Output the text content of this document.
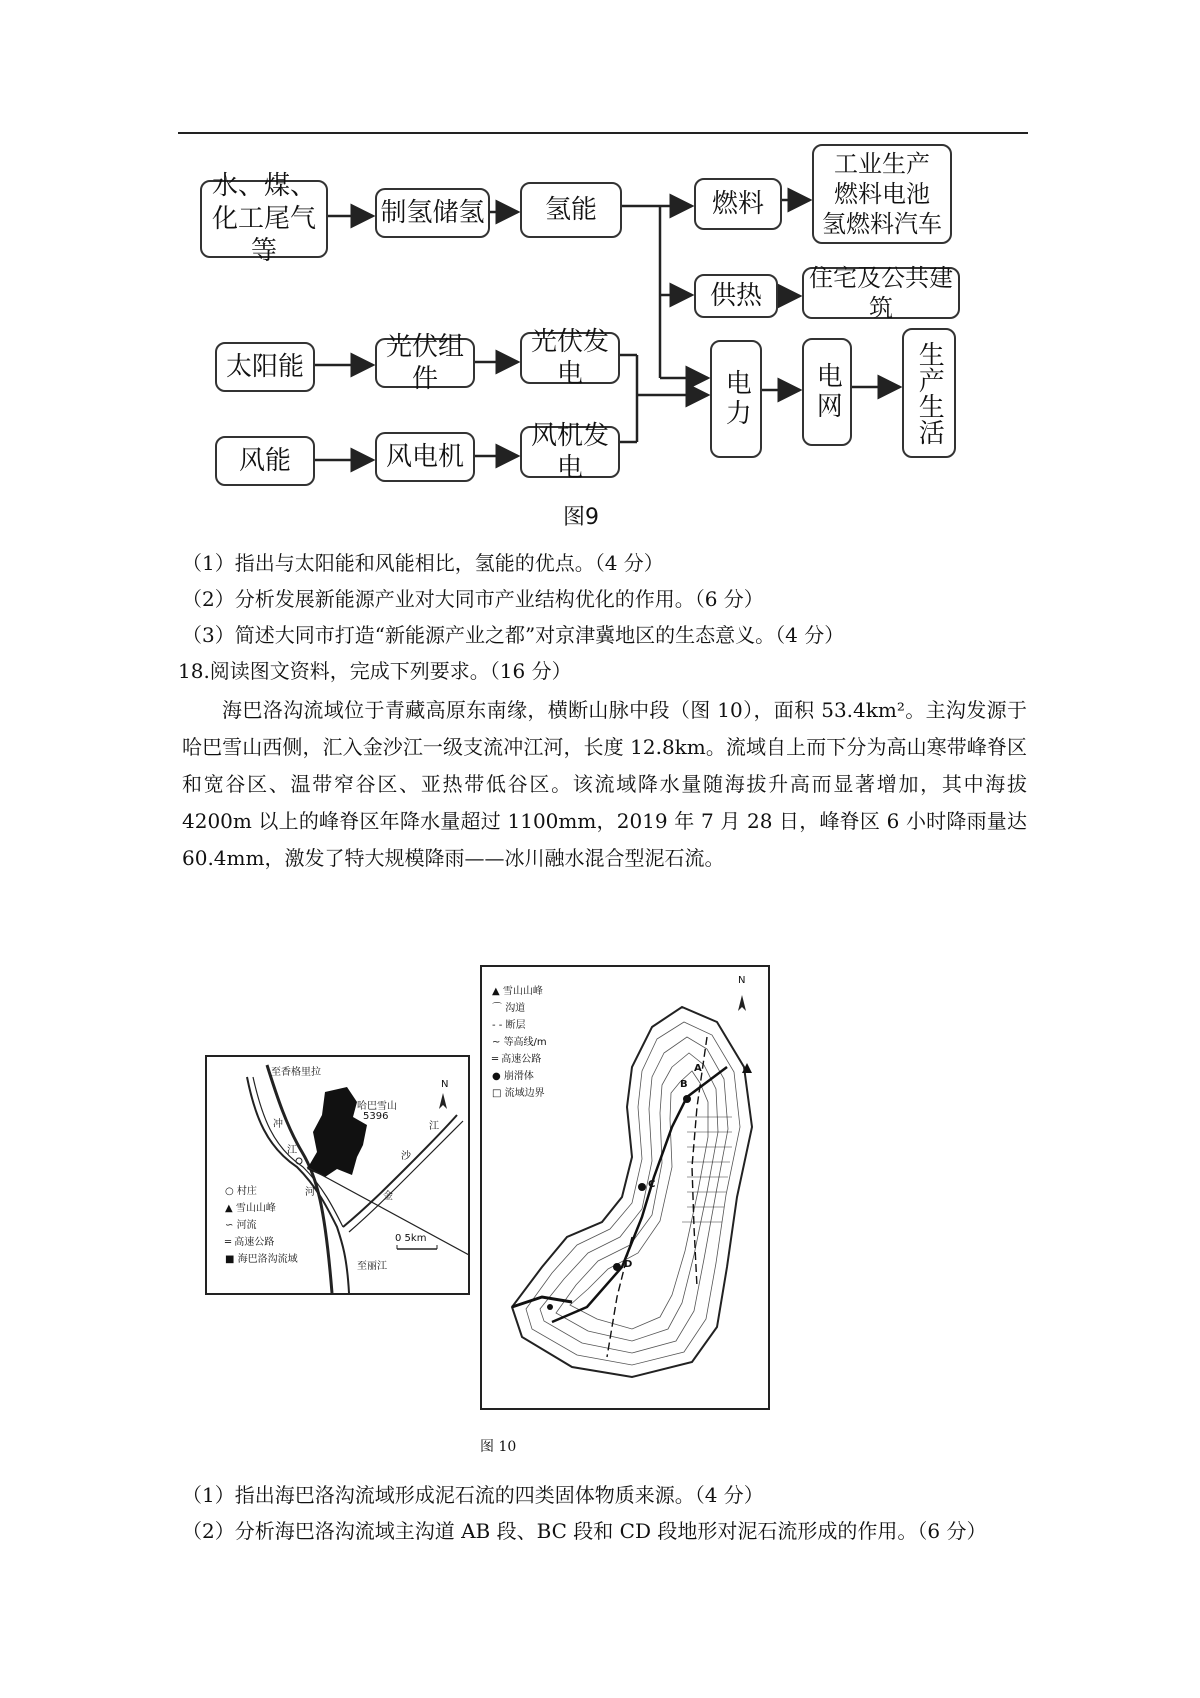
水、煤、
化工尾气等
制氢储氢	氢能	燃料
工业生产
燃料电池
氢燃料汽车
供热
住宅及公共建筑
太阳能
光伏组件
光伏发电
风能	风电机
风机发电
电力	电网	生产生活
图9
（1）指出与太阳能和风能相比，氢能的优点。（4 分）
（2）分析发展新能源产业对大同市产业结构优化的作用。（6 分）
（3）简述大同市打造“新能源产业之都”对京津冀地区的生态意义。（4 分）
18.阅读图文资料，完成下列要求。（16 分）
海巴洛沟流域位于青藏高原东南缘，横断山脉中段（图 10），面积 53.4km²。主沟发源于哈巴雪山西侧，汇入金沙江一级支流冲江河，长度 12.8km。流域自上而下分为高山寒带峰脊区和宽谷区、温带窄谷区、亚热带低谷区。该流域降水量随海拔升高而显著增加，其中海拔 4200m 以上的峰脊区年降水量超过 1100mm，2019 年 7 月 28 日，峰脊区 6 小时降雨量达 60.4mm，激发了特大规模降雨——冰川融水混合型泥石流。
至香格里拉
哈巴雪山
5396
N
冲
江
河
江
沙
金
至丽江
0 5km
○ 村庄
▲ 雪山山峰
∽ 河流
═ 高速公路
■ 海巴洛沟流域
N
A
B
C
D
▲ 雪山山峰
⌒ 沟道
- - 断层
~ 等高线/m
═ 高速公路
● 崩滑体
□ 流域边界
图 10
（1）指出海巴洛沟流域形成泥石流的四类固体物质来源。（4 分）
（2）分析海巴洛沟流域主沟道 AB 段、BC 段和 CD 段地形对泥石流形成的作用。（6 分）
